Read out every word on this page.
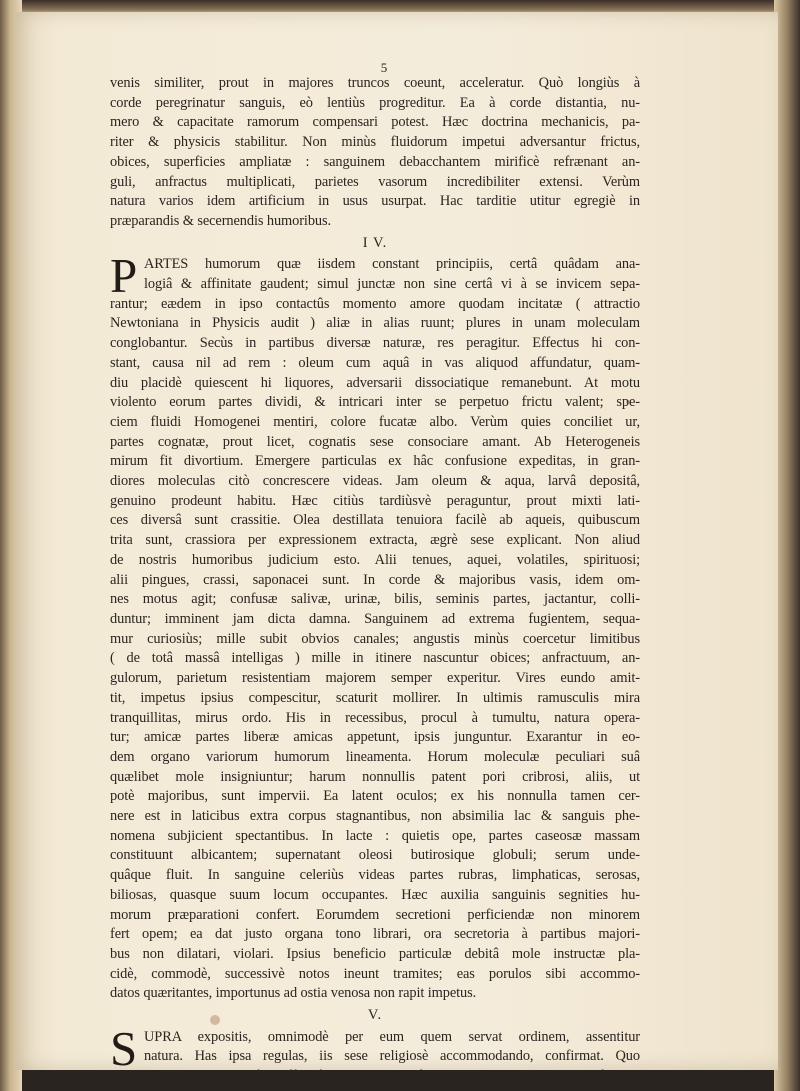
5
venis similiter, prout in majores truncos coeunt, acceleratur. Quò longiùs à
corde peregrinatur sanguis, eò lentiùs progreditur. Ea à corde distantia, nu-
mero & capacitate ramorum compensari potest. Hæc doctrina mechanicis, pa-
riter & physicis stabilitur. Non minùs fluidorum impetui adversantur frictus,
obices, superficies ampliatæ : sanguinem debacchantem mirificè refrænant an-
guli, anfractus multiplicati, parietes vasorum incredibiliter extensi. Verùm
natura varios idem artificium in usus usurpat. Hac tarditie utitur egregiè in
præparandis & secernendis humoribus.
I V.
P ARTES humorum quæ iisdem constant principiis, certâ quâdam ana-
logiâ & affinitate gaudent; simul junctæ non sine certâ vi à se invicem sepa-
rantur; eædem in ipso contactûs momento amore quodam incitatæ ( attractio
Newtoniana in Physicis audit ) aliæ in alias ruunt; plures in unam moleculam
conglobantur. Secùs in partibus diversæ naturæ, res peragitur. Effectus hi con-
stant, causa nil ad rem : oleum cum aquâ in vas aliquod affundatur, quam-
diu placidè quiescent hi liquores, adversarii dissociatique remanebunt. At motu
violento eorum partes dividi, & intricari inter se perpetuo frictu valent; spe-
ciem fluidi Homogenei mentiri, colore fucatæ albo. Verùm quies conciliet ur,
partes cognatæ, prout licet, cognatis sese consociare amant. Ab Heterogeneis
mirum fit divortium. Emergere particulas ex hâc confusione expeditas, in gran-
diores moleculas citò concrescere videas. Jam oleum & aqua, larvâ depositâ,
genuino prodeunt habitu. Hæc citiùs tardiùsvè peraguntur, prout mixti lati-
ces diversâ sunt crassitie. Olea destillata tenuiora facilè ab aqueis, quibuscum
trita sunt, crassiora per expressionem extracta, ægrè sese explicant. Non aliud
de nostris humoribus judicium esto. Alii tenues, aquei, volatiles, spirituosi;
alii pingues, crassi, saponacei sunt. In corde & majoribus vasis, idem om-
nes motus agit; confusæ salivæ, urinæ, bilis, seminis partes, jactantur, colli-
duntur; imminent jam dicta damna. Sanguinem ad extrema fugientem, sequa-
mur curiosiùs; mille subit obvios canales; angustis minùs coercetur limitibus
( de totâ massâ intelligas ) mille in itinere nascuntur obices; anfractuum, an-
gulorum, parietum resistentiam majorem semper experitur. Vires eundo amit-
tit, impetus ipsius compescitur, scaturit mollirer. In ultimis ramusculis mira
tranquillitas, mirus ordo. His in recessibus, procul à tumultu, natura opera-
tur; amicæ partes liberæ amicas appetunt, ipsis junguntur. Exarantur in eo-
dem organo variorum humorum lineamenta. Horum moleculæ peculiari suâ
quælibet mole insigniuntur; harum nonnullis patent pori cribrosi, aliis, ut
potè majoribus, sunt impervii. Ea latent oculos; ex his nonnulla tamen cer-
nere est in laticibus extra corpus stagnantibus, non absimilia lac & sanguis phe-
nomena subjicient spectantibus. In lacte : quietis ope, partes caseosæ massam
constituunt albicantem; supernatant oleosi butirosique globuli; serum unde-
quâque fluit. In sanguine celeriùs videas partes rubras, limphaticas, serosas,
biliosas, quasque suum locum occupantes. Hæc auxilia sanguinis segnities hu-
morum præparationi confert. Eorumdem secretioni perficiendæ non minorem
fert opem; ea dat justo organa tono librari, ora secretoria à partibus majori-
bus non dilatari, violari. Ipsius beneficio particulæ debitâ mole instructæ pla-
cidè, commodè, successivè notos ineunt tramites; eas porulos sibi accommo-
datos quæritantes, importunus ad ostia venosa non rapit impetus.
V.
S UPRA expositis, omnimodè per eum quem servat ordinem, assentitur
natura. Has ipsa regulas, iis sese religiosè accommodando, confirmat. Quo
humor est crassior, eò difficiliùs separatur, eò majori indiget quiete; eò igi-
